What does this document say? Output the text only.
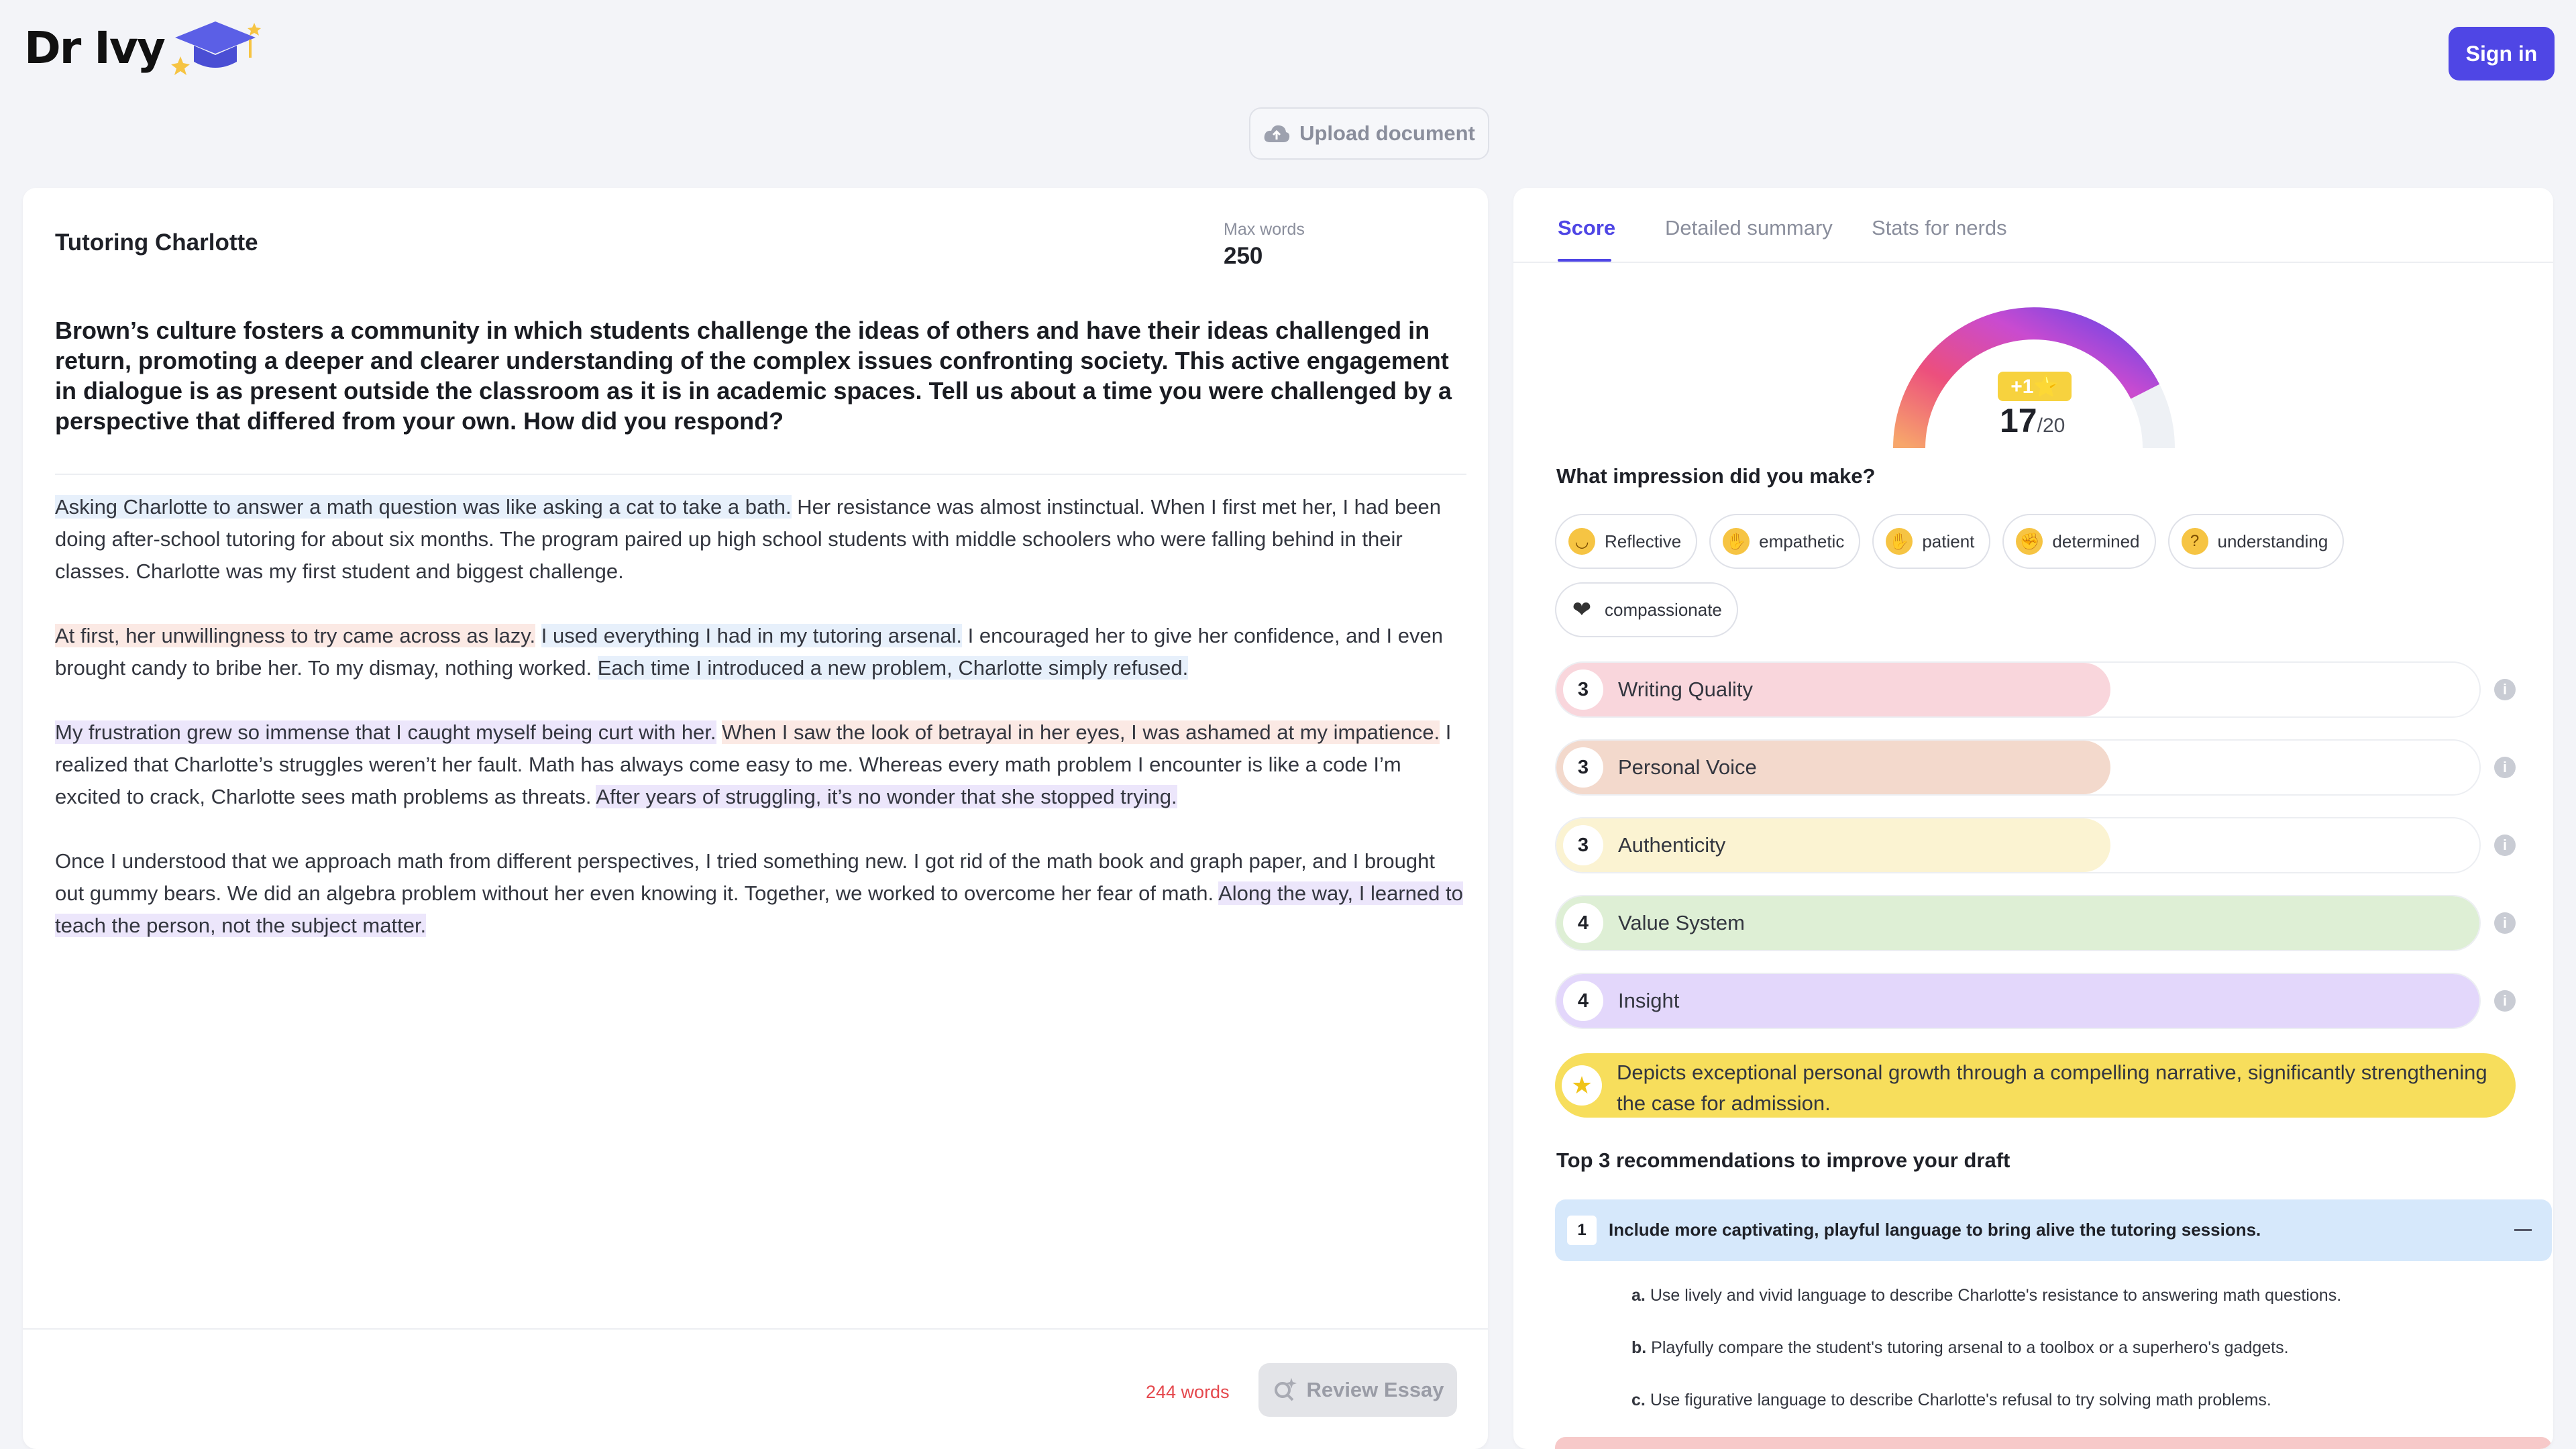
Dr Ivy	Sign in
Upload document
Tutoring Charlotte	Max words
250
Brown’s culture fosters a community in which students challenge the ideas of others and have their ideas challenged in return, promoting a deeper and clearer understanding of the complex issues confronting society. This active engagement in dialogue is as present outside the classroom as it is in academic spaces. Tell us about a time you were challenged by a perspective that differed from your own. How did you respond?

Asking Charlotte to answer a math question was like asking a cat to take a bath. Her resistance was almost instinctual. When I first met her, I had been doing after-school tutoring for about six months. The program paired up high school students with middle schoolers who were falling behind in their classes. Charlotte was my first student and biggest challenge.

At first, her unwillingness to try came across as lazy. I used everything I had in my tutoring arsenal. I encouraged her to give her confidence, and I even brought candy to bribe her. To my dismay, nothing worked. Each time I introduced a new problem, Charlotte simply refused.

My frustration grew so immense that I caught myself being curt with her. When I saw the look of betrayal in her eyes, I was ashamed at my impatience. I realized that Charlotte’s struggles weren’t her fault. Math has always come easy to me. Whereas every math problem I encounter is like a code I’m excited to crack, Charlotte sees math problems as threats. After years of struggling, it’s no wonder that she stopped trying.

Once I understood that we approach math from different perspectives, I tried something new. I got rid of the math book and graph paper, and I brought out gummy bears. We did an algebra problem without her even knowing it. Together, we worked to overcome her fear of math. Along the way, I learned to teach the person, not the subject matter.

244 words	Review Essay
Score Detailed summary Stats for nerds
+1⭐
17/20
What impression did you make?
◡ Reflective	✋ empathetic	✋ patient	✊ determined	?	understanding
❤ compassionate
3	Writing Quality	i
3	Personal Voice	i
3	Authenticity	i
4	Value System	i
4	Insight	i
★	Depicts exceptional personal growth through a compelling narrative, significantly strengthening the case for admission.
Top 3 recommendations to improve your draft
1	Include more captivating, playful language to bring alive the tutoring sessions.
a. Use lively and vivid language to describe Charlotte's resistance to answering math questions.
b. Playfully compare the student's tutoring arsenal to a toolbox or a superhero's gadgets.
c. Use figurative language to describe Charlotte's refusal to try solving math problems.
